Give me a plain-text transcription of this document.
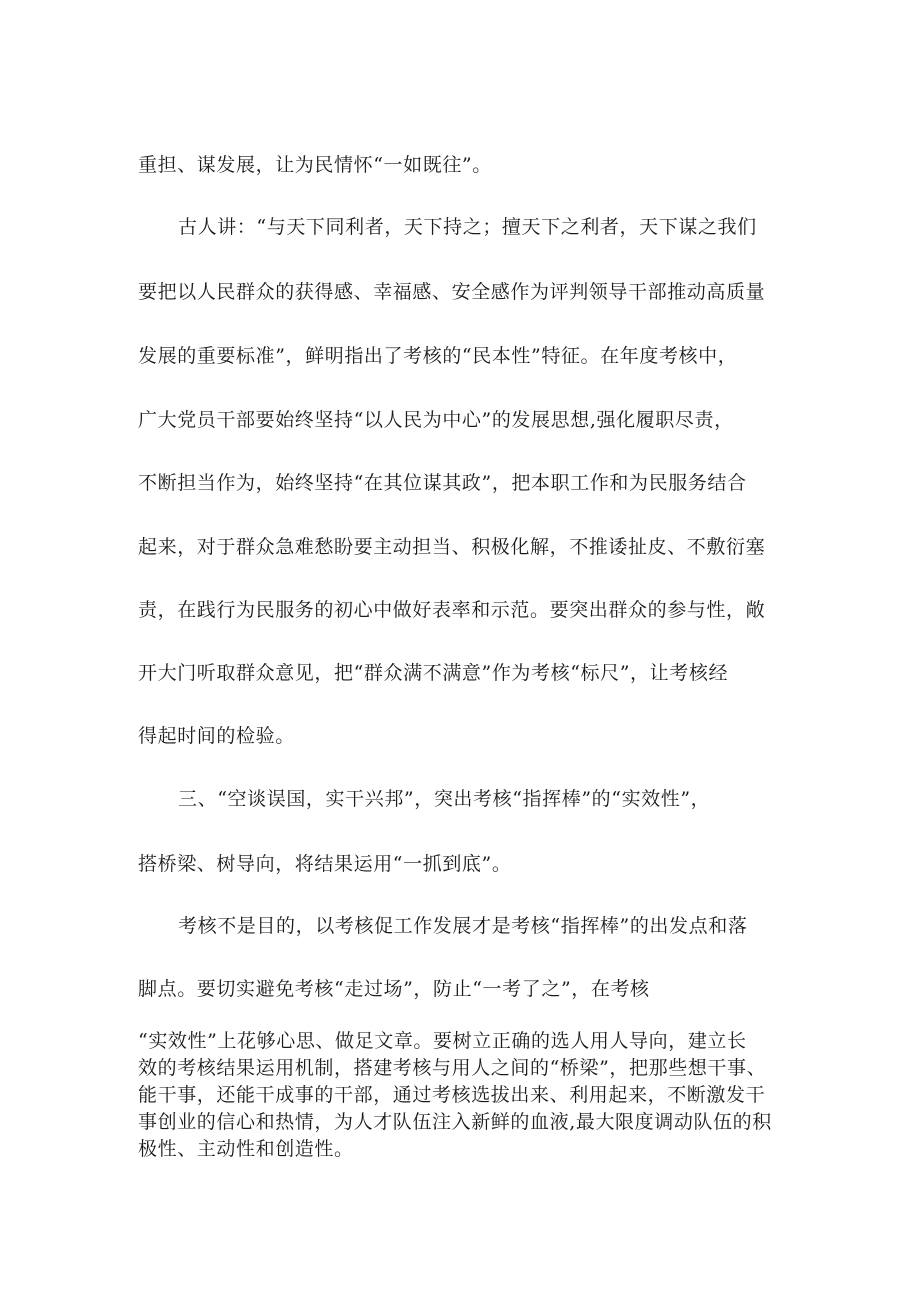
重担、谋发展，让为民情怀“一如既往”。
古人讲：“与天下同利者，天下持之；擅天下之利者，天下谋之我们
要把以人民群众的获得感、幸福感、安全感作为评判领导干部推动高质量
发展的重要标准”，鲜明指出了考核的“民本性”特征。在年度考核中，
广大党员干部要始终坚持“以人民为中心”的发展思想,强化履职尽责，
不断担当作为，始终坚持“在其位谋其政”，把本职工作和为民服务结合
起来，对于群众急难愁盼要主动担当、积极化解，不推诿扯皮、不敷衍塞
责，在践行为民服务的初心中做好表率和示范。要突出群众的参与性，敞
开大门听取群众意见，把“群众满不满意”作为考核“标尺”，让考核经
得起时间的检验。
三、“空谈误国，实干兴邦”，突出考核“指挥棒”的“实效性”，
搭桥梁、树导向，将结果运用“一抓到底”。
考核不是目的，以考核促工作发展才是考核“指挥棒”的出发点和落
脚点。要切实避免考核“走过场”，防止“一考了之”，在考核
“实效性”上花够心思、做足文章。要树立正确的选人用人导向，建立长
效的考核结果运用机制，搭建考核与用人之间的“桥梁”，把那些想干事、
能干事，还能干成事的干部，通过考核选拔出来、利用起来，不断激发干
事创业的信心和热情，为人才队伍注入新鲜的血液,最大限度调动队伍的积
极性、主动性和创造性。
